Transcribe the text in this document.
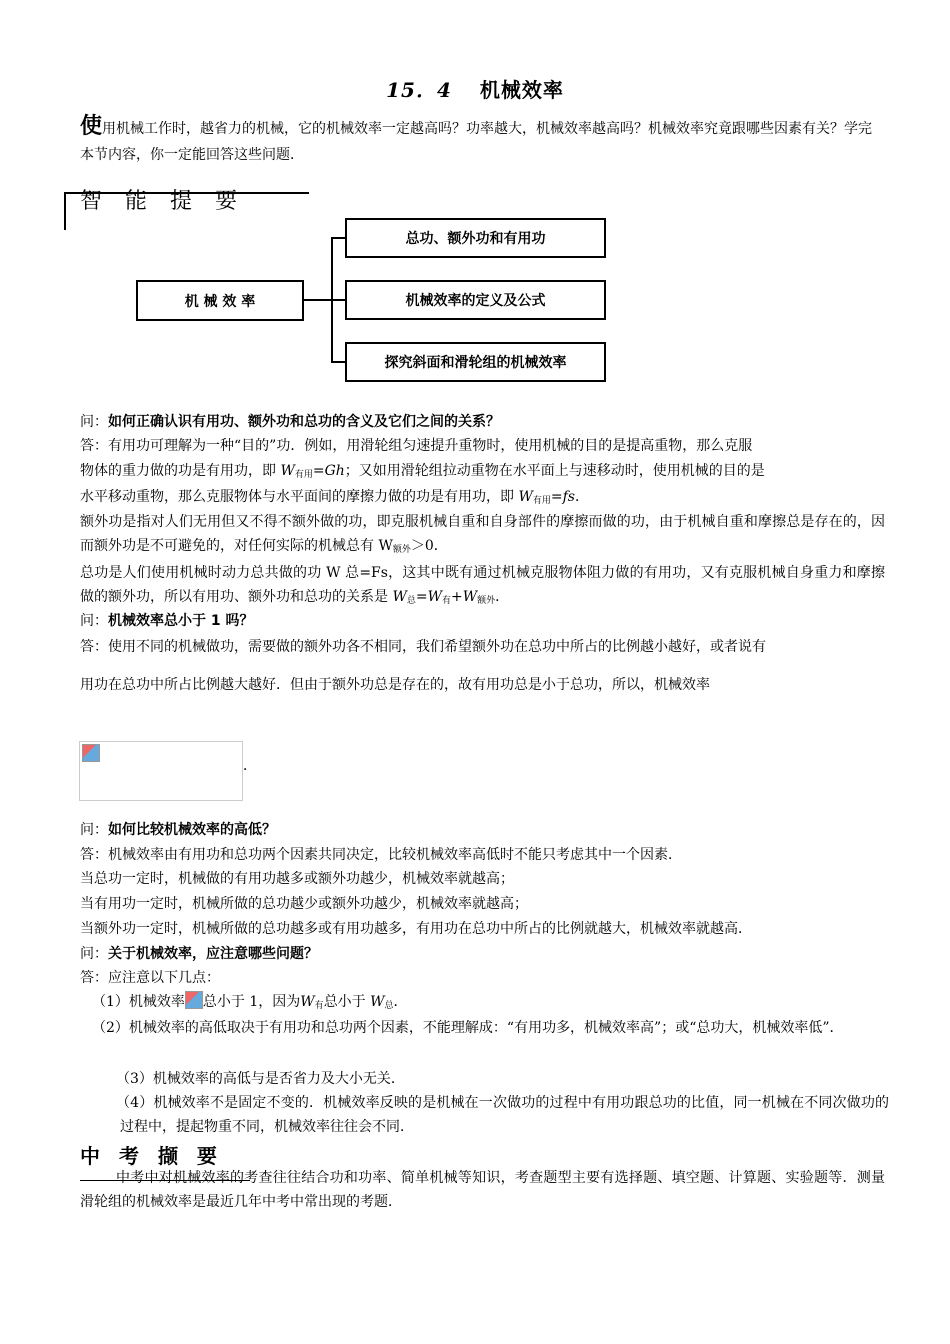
15．4 机械效率
使用机械工作时，越省力的机械，它的机械效率一定越高吗？功率越大，机械效率越高吗？机械效率究竟跟哪些因素有关？学完本节内容，你一定能回答这些问题．
智 能 提 要
机 械 效 率
总功、额外功和有用功
机械效率的定义及公式
探究斜面和滑轮组的机械效率
问：如何正确认识有用功、额外功和总功的含义及它们之间的关系？
答：有用功可理解为一种“目的”功．例如，用滑轮组匀速提升重物时，使用机械的目的是提高重物，那么克服
物体的重力做的功是有用功，即 $W_{有用}=Gh$；又如用滑轮组拉动重物在水平面上与速移动时，使用机械的目的是
水平移动重物，那么克服物体与水平面间的摩擦力做的功是有用功，即 $W_{有用}=fs$．
额外功是指对人们无用但又不得不额外做的功，即克服机械自重和自身部件的摩擦而做的功，由于机械自重和摩擦总是存在的，因而额外功是不可避免的，对任何实际的机械总有 $W_{额外}>0$．
总功是人们使用机械时动力总共做的功 W 总=Fs，这其中既有通过机械克服物体阻力做的有用功，又有克服机械自身重力和摩擦做的额外功，所以有用功、额外功和总功的关系是 $W_总=W_有+W_{额外}$．
问：机械效率总小于 1 吗？
答：使用不同的机械做功，需要做的额外功各不相同，我们希望额外功在总功中所占的比例越小越好，或者说有
用功在总功中所占比例越大越好．但由于额外功总是存在的，故有用功总是小于总功，所以，机械效率
．
问：如何比较机械效率的高低？
答：机械效率由有用功和总功两个因素共同决定，比较机械效率高低时不能只考虑其中一个因素．
当总功一定时，机械做的有用功越多或额外功越少，机械效率就越高；
当有用功一定时，机械所做的总功越少或额外功越少，机械效率就越高；
当额外功一定时，机械所做的总功越多或有用功越多，有用功在总功中所占的比例就越大，机械效率就越高．
问：关于机械效率，应注意哪些问题？
答：应注意以下几点：
（1）机械效率 总小于 1，因为$W_有$总小于 $W_总$．
（2）机械效率的高低取决于有用功和总功两个因素，不能理解成：“有用功多，机械效率高”；或“总功大，机械效率低”．
（3）机械效率的高低与是否省力及大小无关．
（4）机械效率不是固定不变的．机械效率反映的是机械在一次做功的过程中有用功跟总功的比值，同一机械在不同次做功的过程中，提起物重不同，机械效率往往会不同．
中 考 撷 要
中考中对机械效率的考查往往结合功和功率、简单机械等知识，考查题型主要有选择题、填空题、计算题、实验题等．测量滑轮组的机械效率是最近几年中考中常出现的考题．
